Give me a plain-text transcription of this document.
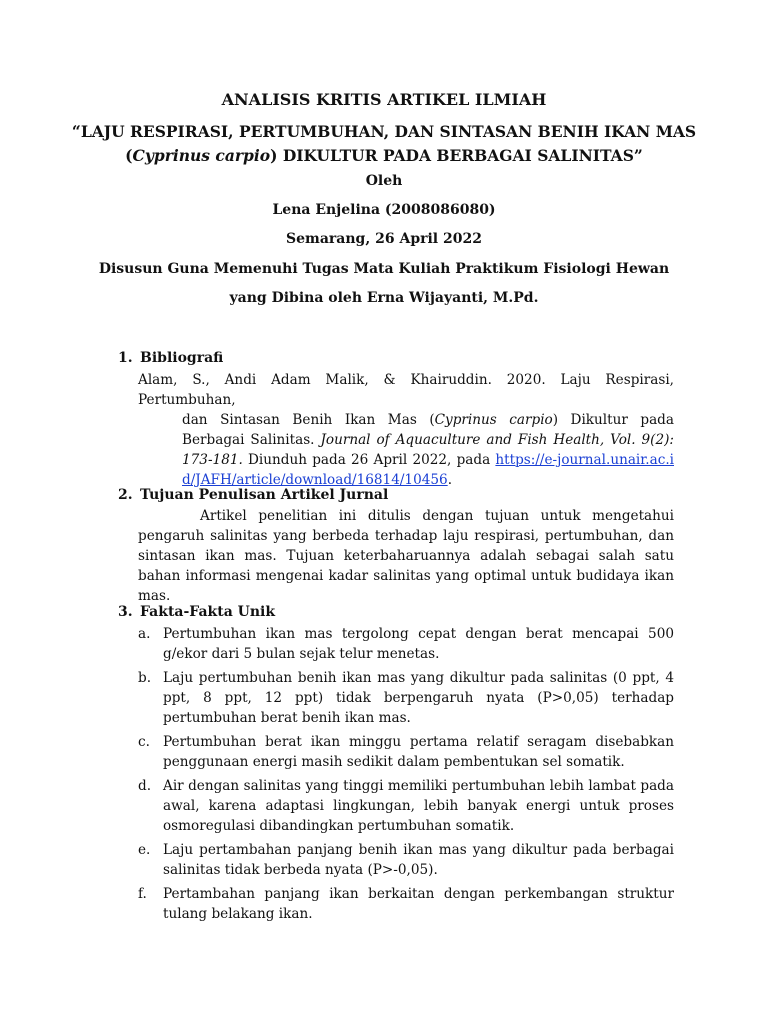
ANALISIS KRITIS ARTIKEL ILMIAH
“LAJU RESPIRASI, PERTUMBUHAN, DAN SINTASAN BENIH IKAN MAS
(Cyprinus carpio) DIKULTUR PADA BERBAGAI SALINITAS”
Oleh
Lena Enjelina (2008086080)
Semarang, 26 April 2022
Disusun Guna Memenuhi Tugas Mata Kuliah Praktikum Fisiologi Hewan
yang Dibina oleh Erna Wijayanti, M.Pd.
1. Bibliografi
Alam, S., Andi Adam Malik, & Khairuddin. 2020. Laju Respirasi, Pertumbuhan,
dan Sintasan Benih Ikan Mas (Cyprinus carpio) Dikultur pada Berbagai Salinitas. Journal of Aquaculture and Fish Health, Vol. 9(2): 173-181. Diunduh pada 26 April 2022, pada https://e-journal.unair.ac.id/JAFH/article/download/16814/10456.
2. Tujuan Penulisan Artikel Jurnal
Artikel penelitian ini ditulis dengan tujuan untuk mengetahui pengaruh salinitas yang berbeda terhadap laju respirasi, pertumbuhan, dan sintasan ikan mas. Tujuan keterbaharuannya adalah sebagai salah satu bahan informasi mengenai kadar salinitas yang optimal untuk budidaya ikan mas.
3. Fakta-Fakta Unik
a. Pertumbuhan ikan mas tergolong cepat dengan berat mencapai 500 g/ekor dari 5 bulan sejak telur menetas.
b. Laju pertumbuhan benih ikan mas yang dikultur pada salinitas (0 ppt, 4 ppt, 8 ppt, 12 ppt) tidak berpengaruh nyata (P>0,05) terhadap pertumbuhan berat benih ikan mas.
c. Pertumbuhan berat ikan minggu pertama relatif seragam disebabkan penggunaan energi masih sedikit dalam pembentukan sel somatik.
d. Air dengan salinitas yang tinggi memiliki pertumbuhan lebih lambat pada awal, karena adaptasi lingkungan, lebih banyak energi untuk proses osmoregulasi dibandingkan pertumbuhan somatik.
e. Laju pertambahan panjang benih ikan mas yang dikultur pada berbagai salinitas tidak berbeda nyata (P>-0,05).
f.	Pertambahan panjang ikan berkaitan dengan perkembangan struktur tulang belakang ikan.
